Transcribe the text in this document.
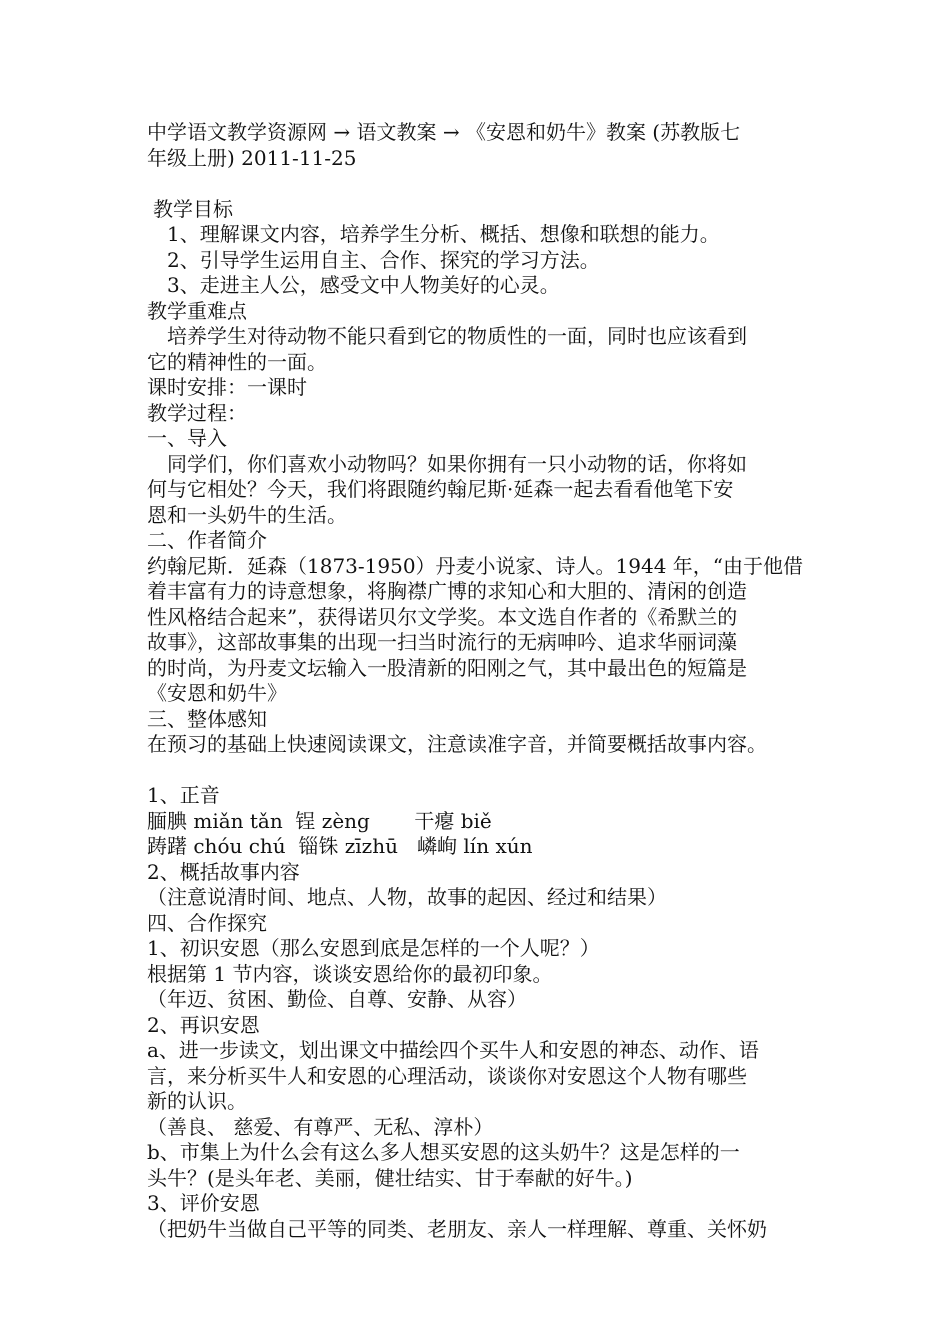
中学语文教学资源网 → 语文教案 → 《安恩和奶牛》教案 (苏教版七
年级上册) 2011-11-25
教学目标
1、理解课文内容，培养学生分析、概括、想像和联想的能力。
2、引导学生运用自主、合作、探究的学习方法。
3、走进主人公，感受文中人物美好的心灵。
教学重难点
培养学生对待动物不能只看到它的物质性的一面，同时也应该看到
它的精神性的一面。
课时安排：一课时
教学过程：
一、导入
同学们，你们喜欢小动物吗？如果你拥有一只小动物的话，你将如
何与它相处？今天，我们将跟随约翰尼斯·延森一起去看看他笔下安
恩和一头奶牛的生活。
二、作者简介
约翰尼斯．延森（1873-1950）丹麦小说家、诗人。1944 年，“由于他借
着丰富有力的诗意想象，将胸襟广博的求知心和大胆的、清闲的创造
性风格结合起来”，获得诺贝尔文学奖。本文选自作者的《希默兰的
故事》，这部故事集的出现一扫当时流行的无病呻吟、追求华丽词藻
的时尚，为丹麦文坛输入一股清新的阳刚之气，其中最出色的短篇是
《安恩和奶牛》
三、整体感知
在预习的基础上快速阅读课文，注意读准字音，并简要概括故事内容。
1、正音
腼腆 miǎn tǎn  锃 zèng       干瘪 biě
踌躇 chóu chú  锱铢 zīzhū   嶙峋 lín xún
2、概括故事内容
（注意说清时间、地点、人物，故事的起因、经过和结果）
四、合作探究
1、初识安恩（那么安恩到底是怎样的一个人呢？）
根据第 1 节内容，谈谈安恩给你的最初印象。
（年迈、贫困、勤俭、自尊、安静、从容）
2、再识安恩
a、进一步读文，划出课文中描绘四个买牛人和安恩的神态、动作、语
言，来分析买牛人和安恩的心理活动，谈谈你对安恩这个人物有哪些
新的认识。
（善良、 慈爱、有尊严、无私、淳朴）
b、市集上为什么会有这么多人想买安恩的这头奶牛？这是怎样的一
头牛？(是头年老、美丽，健壮结实、甘于奉献的好牛。)
3、评价安恩
（把奶牛当做自己平等的同类、老朋友、亲人一样理解、尊重、关怀奶
